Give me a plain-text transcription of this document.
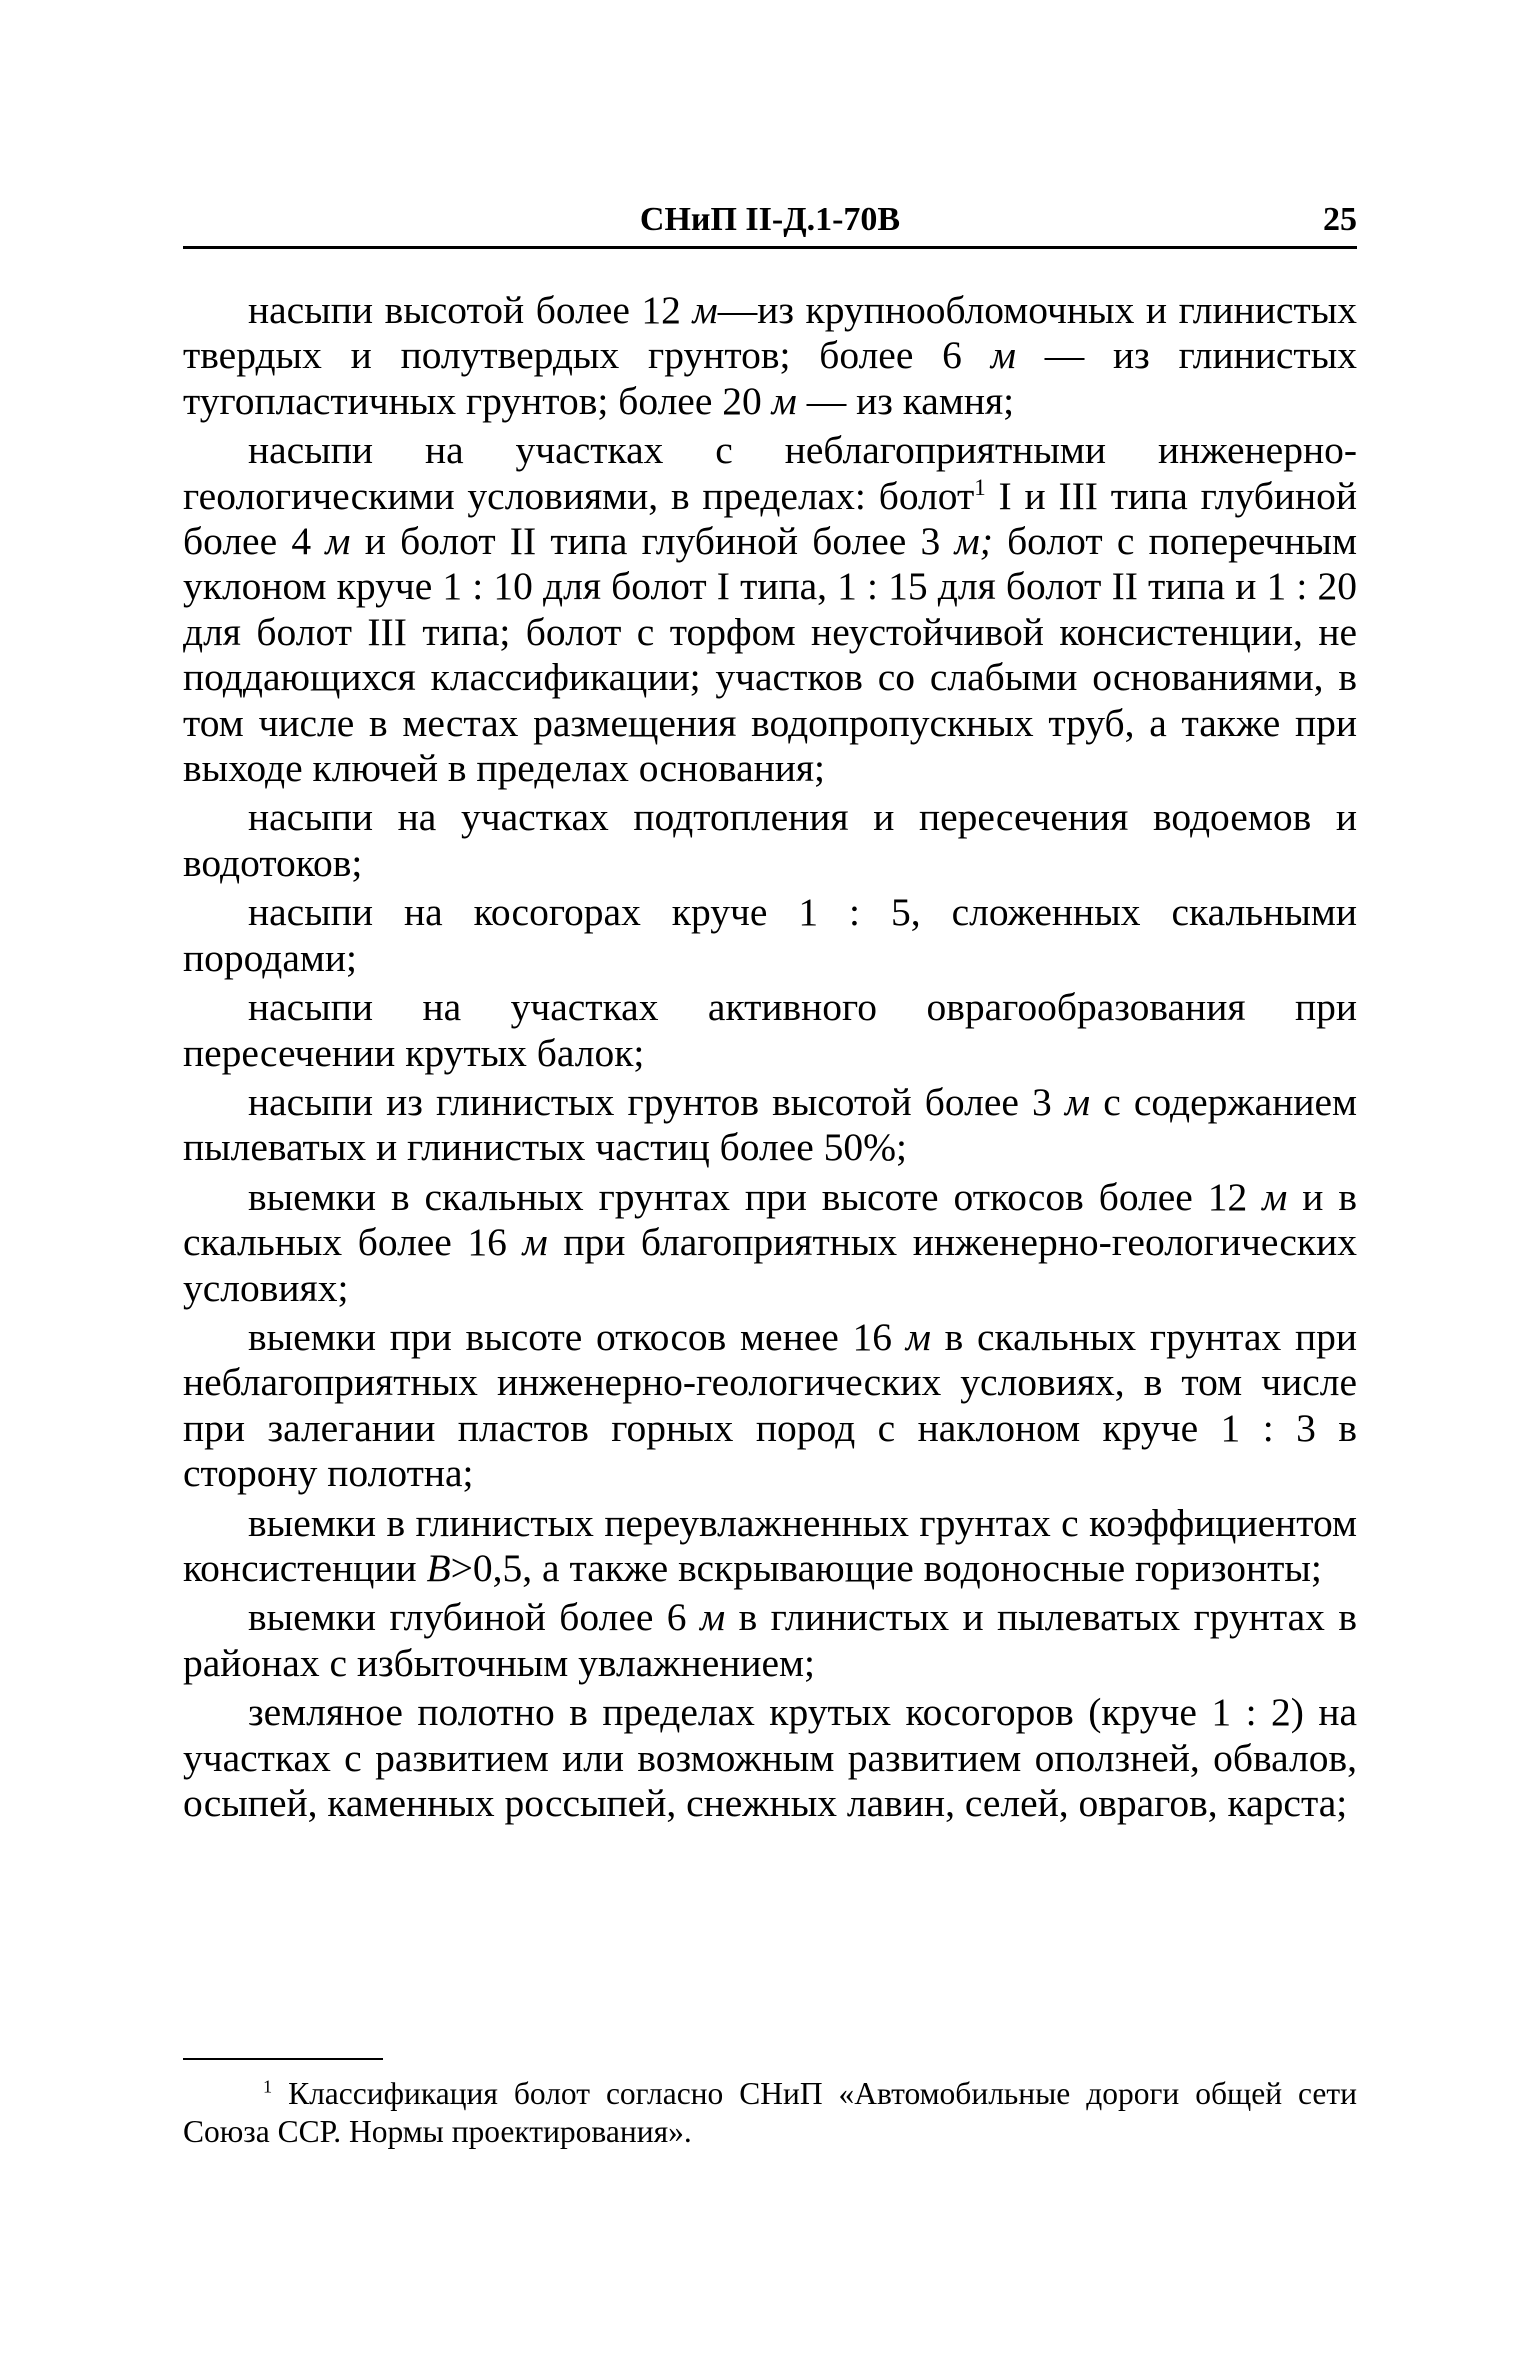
СНиП II-Д.1-70В	25

насыпи высотой более 12 м—из крупнообломочных и глинистых твердых и полутвердых грунтов; более 6 м — из глинистых тугопластичных грунтов; более 20 м — из камня;

насыпи на участках с неблагоприятными инженерно-геологическими условиями, в пределах: болот$^1$ I и III типа глубиной более 4 м и болот II типа глубиной более 3 м; болот с поперечным уклоном круче 1 : 10 для болот I типа, 1 : 15 для болот II типа и 1 : 20 для болот III типа; болот с торфом неустойчивой консистенции, не поддающихся классификации; участков со слабыми основаниями, в том числе в местах размещения водопропускных труб, а также при выходе ключей в пределах основания;

насыпи на участках подтопления и пересечения водоемов и водотоков;

насыпи на косогорах круче 1 : 5, сложенных скальными породами;

насыпи на участках активного оврагообразования при пересечении крутых балок;

насыпи из глинистых грунтов высотой более 3 м с содержанием пылеватых и глинистых частиц более 50%;

выемки в скальных грунтах при высоте откосов более 12 м и в скальных более 16 м при благоприятных инженерно-геологических условиях;

выемки при высоте откосов менее 16 м в скальных грунтах при неблагоприятных инженерно-геологических условиях, в том числе при залегании пластов горных пород с наклоном круче 1 : 3 в сторону полотна;

выемки в глинистых переувлажненных грунтах с коэффициентом консистенции B>0,5, а также вскрывающие водоносные горизонты;

выемки глубиной более 6 м в глинистых и пылеватых грунтах в районах с избыточным увлажнением;

земляное полотно в пределах крутых косогоров (круче 1 : 2) на участках с развитием или возможным развитием оползней, обвалов, осыпей, каменных россыпей, снежных лавин, селей, оврагов, карста;

$^1$ Классификация болот согласно СНиП «Автомобильные дороги общей сети Союза ССР. Нормы проектирования».
